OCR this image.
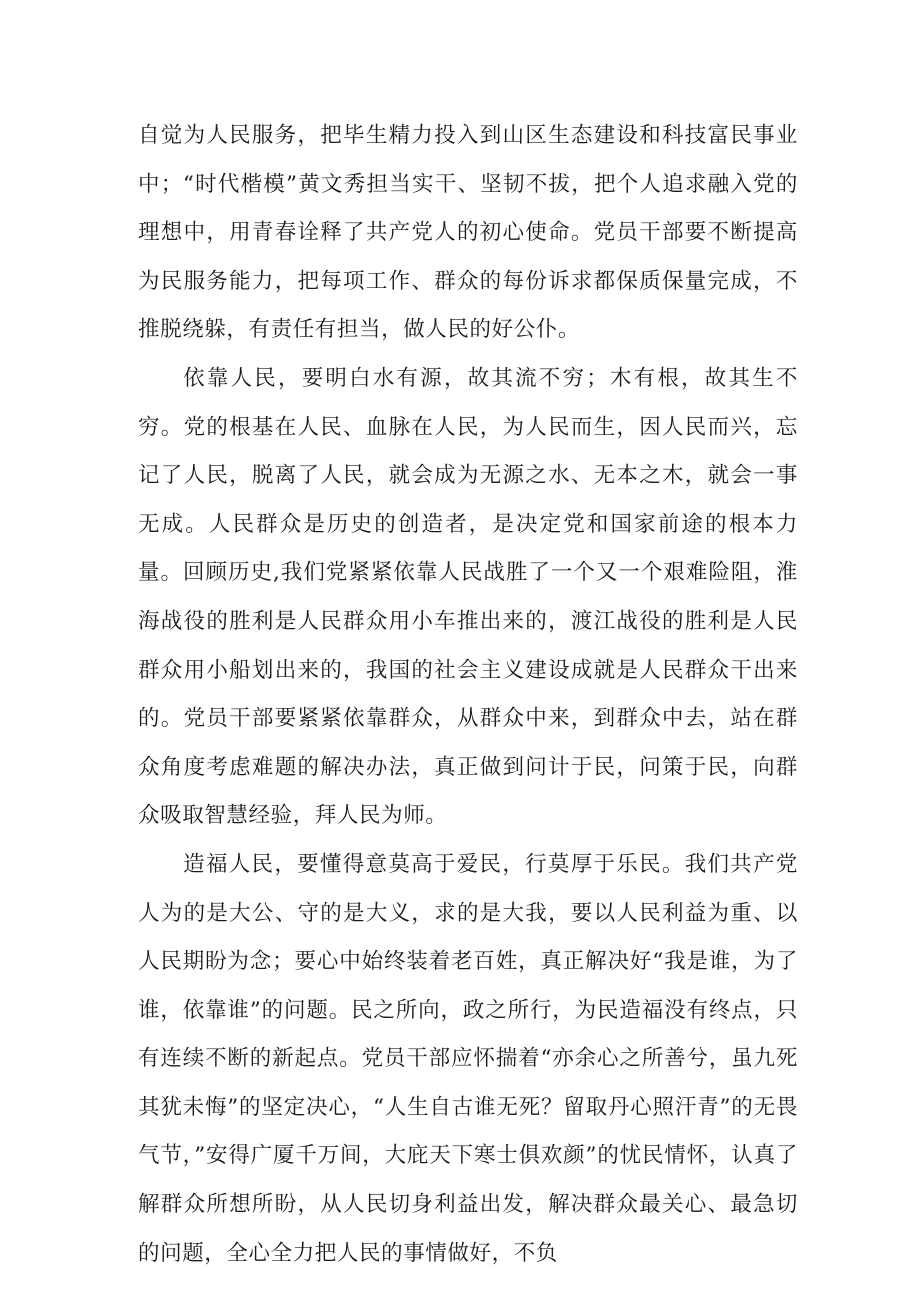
自觉为人民服务，把毕生精力投入到山区生态建设和科技富民事业中；“时代楷模”黄文秀担当实干、坚韧不拔，把个人追求融入党的理想中，用青春诠释了共产党人的初心使命。党员干部要不断提高为民服务能力，把每项工作、群众的每份诉求都保质保量完成，不推脱绕躲，有责任有担当，做人民的好公仆。

依靠人民，要明白水有源，故其流不穷；木有根，故其生不穷。党的根基在人民、血脉在人民，为人民而生，因人民而兴，忘记了人民，脱离了人民，就会成为无源之水、无本之木，就会一事无成。人民群众是历史的创造者，是决定党和国家前途的根本力量。回顾历史,我们党紧紧依靠人民战胜了一个又一个艰难险阻，淮海战役的胜利是人民群众用小车推出来的，渡江战役的胜利是人民群众用小船划出来的，我国的社会主义建设成就是人民群众干出来的。党员干部要紧紧依靠群众，从群众中来，到群众中去，站在群众角度考虑难题的解决办法，真正做到问计于民，问策于民，向群众吸取智慧经验，拜人民为师。

造福人民，要懂得意莫高于爱民，行莫厚于乐民。我们共产党人为的是大公、守的是大义，求的是大我，要以人民利益为重、以人民期盼为念；要心中始终装着老百姓，真正解决好“我是谁，为了谁，依靠谁”的问题。民之所向，政之所行，为民造福没有终点，只有连续不断的新起点。党员干部应怀揣着“亦余心之所善兮，虽九死其犹未悔”的坚定决心，“人生自古谁无死？留取丹心照汗青”的无畏气节，”安得广厦千万间，大庇天下寒士俱欢颜”的忧民情怀，认真了解群众所想所盼，从人民切身利益出发，解决群众最关心、最急切的问题，全心全力把人民的事情做好，不负
